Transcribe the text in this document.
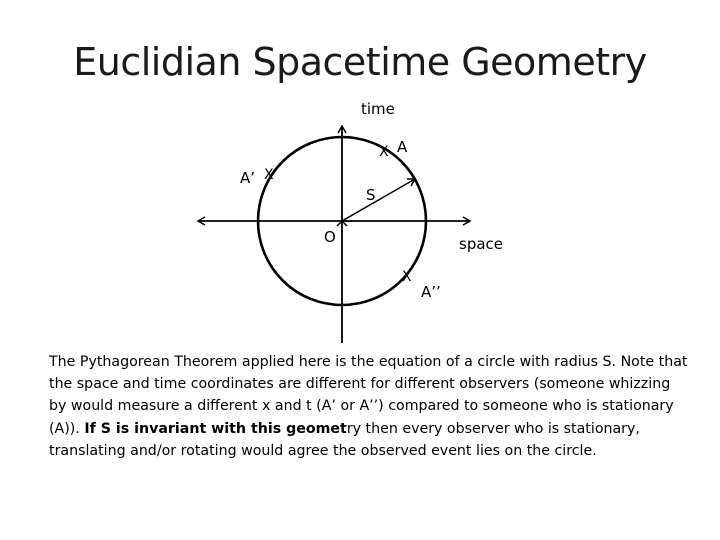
Euclidian Spacetime Geometry
time
space
O
S
X A
X
A’
X
A’’
The Pythagorean Theorem applied here is the equation of a circle with radius S. Note that the space and time coordinates are different for different observers (someone whizzing by would measure a different x and t (A’ or A’’) compared to someone who is stationary (A)). If S is invariant with this geometry then every observer who is stationary, translating and/or rotating would agree the observed event lies on the circle.
